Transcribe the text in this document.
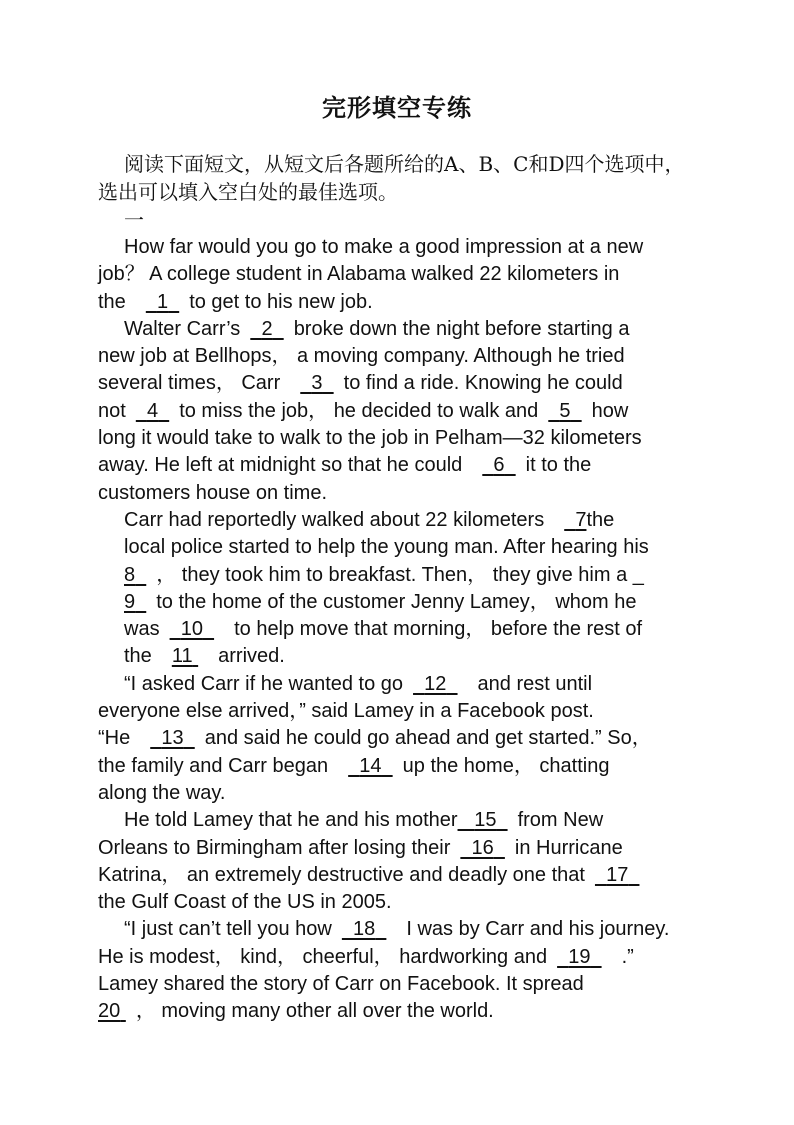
完形填空专练
阅读下面短文，从短文后各题所给的A、B、C和D四个选项中，选出可以填入空白处的最佳选项。
一
How far would you go to make a good impression at a new
job？ A college student in Alabama walked 22 kilometers in
the 1 to get to his new job.
Walter Carr’s 2 broke down the night before starting a
new job at Bellhops， a moving company. Although he tried
several times， Carr 3 to find a ride. Knowing he could
not 4 to miss the job， he decided to walk and 5 how
long it would take to walk to the job in Pelham—32 kilometers
away. He left at midnight so that he could 6 it to the
customers house on time.
Carr had reportedly walked about 22 kilometers 7the
local police started to help the young man. After hearing his
8 ， they took him to breakfast. Then， they give him a _
9 to the home of the customer Jenny Lamey， whom he
was 10 to help move that morning， before the rest of
the 11 arrived.
“I asked Carr if he wanted to go 12 and rest until
everyone else arrived，” said Lamey in a Facebook post.
“He 13 and said he could go ahead and get started.” So，
the family and Carr began 14 up the home， chatting
along the way.
He told Lamey that he and his mother 15 from New
Orleans to Birmingham after losing their 16 in Hurricane
Katrina， an extremely destructive and deadly one that 17
the Gulf Coast of the US in 2005.
“I just can’t tell you how 18 I was by Carr and his journey.
He is modest， kind， cheerful， hardworking and 19 .”
Lamey shared the story of Carr on Facebook. It spread
20 ， moving many other all over the world.
